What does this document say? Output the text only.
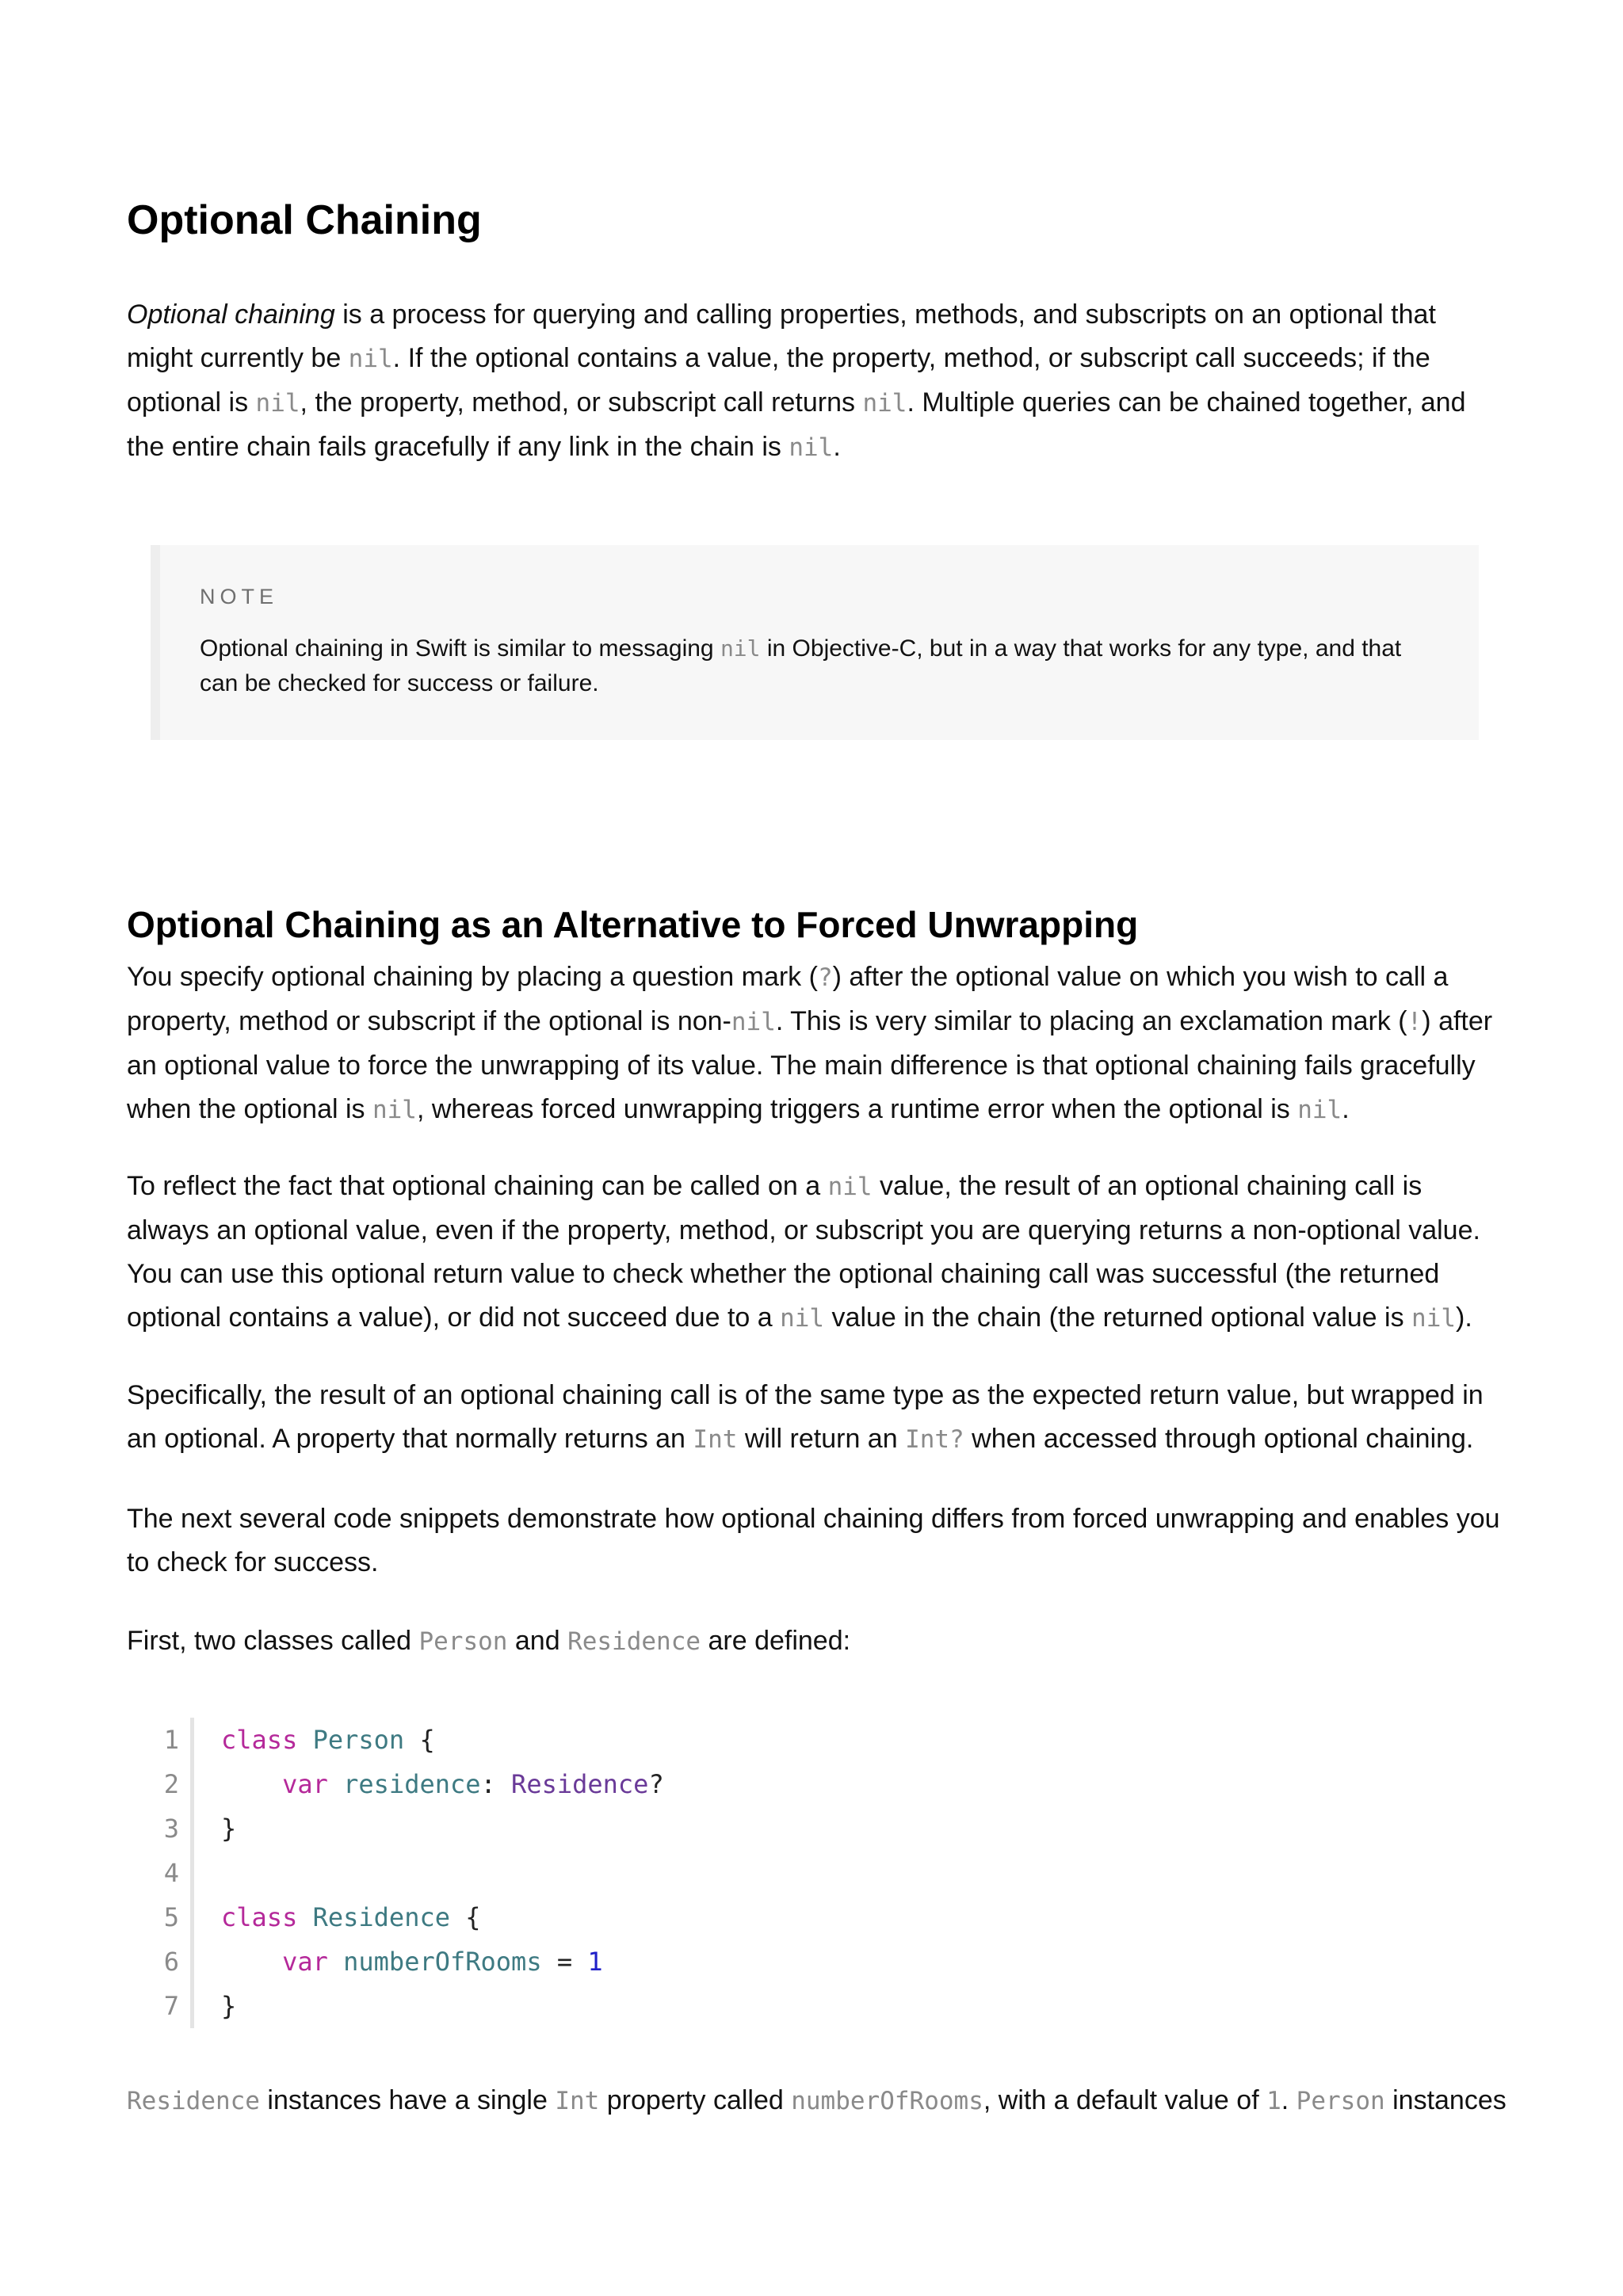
Optional Chaining

Optional chaining is a process for querying and calling properties, methods, and subscripts on an optional that might currently be nil. If the optional contains a value, the property, method, or subscript call succeeds; if the optional is nil, the property, method, or subscript call returns nil. Multiple queries can be chained together, and the entire chain fails gracefully if any link in the chain is nil.

NOTE
Optional chaining in Swift is similar to messaging nil in Objective-C, but in a way that works for any type, and that can be checked for success or failure.
Optional Chaining as an Alternative to Forced Unwrapping

You specify optional chaining by placing a question mark (?) after the optional value on which you wish to call a property, method or subscript if the optional is non-nil. This is very similar to placing an exclamation mark (!) after an optional value to force the unwrapping of its value. The main difference is that optional chaining fails gracefully when the optional is nil, whereas forced unwrapping triggers a runtime error when the optional is nil.

To reflect the fact that optional chaining can be called on a nil value, the result of an optional chaining call is always an optional value, even if the property, method, or subscript you are querying returns a non-optional value. You can use this optional return value to check whether the optional chaining call was successful (the returned optional contains a value), or did not succeed due to a nil value in the chain (the returned optional value is nil).

Specifically, the result of an optional chaining call is of the same type as the expected return value, but wrapped in an optional. A property that normally returns an Int will return an Int? when accessed through optional chaining.

The next several code snippets demonstrate how optional chaining differs from forced unwrapping and enables you to check for success.

First, two classes called Person and Residence are defined:

1	class Person {
2	var residence: Residence?
3	}
4

5	class Residence {
6	var numberOfRooms = 1
7	}

Residence instances have a single Int property called numberOfRooms, with a default value of 1. Person instances
